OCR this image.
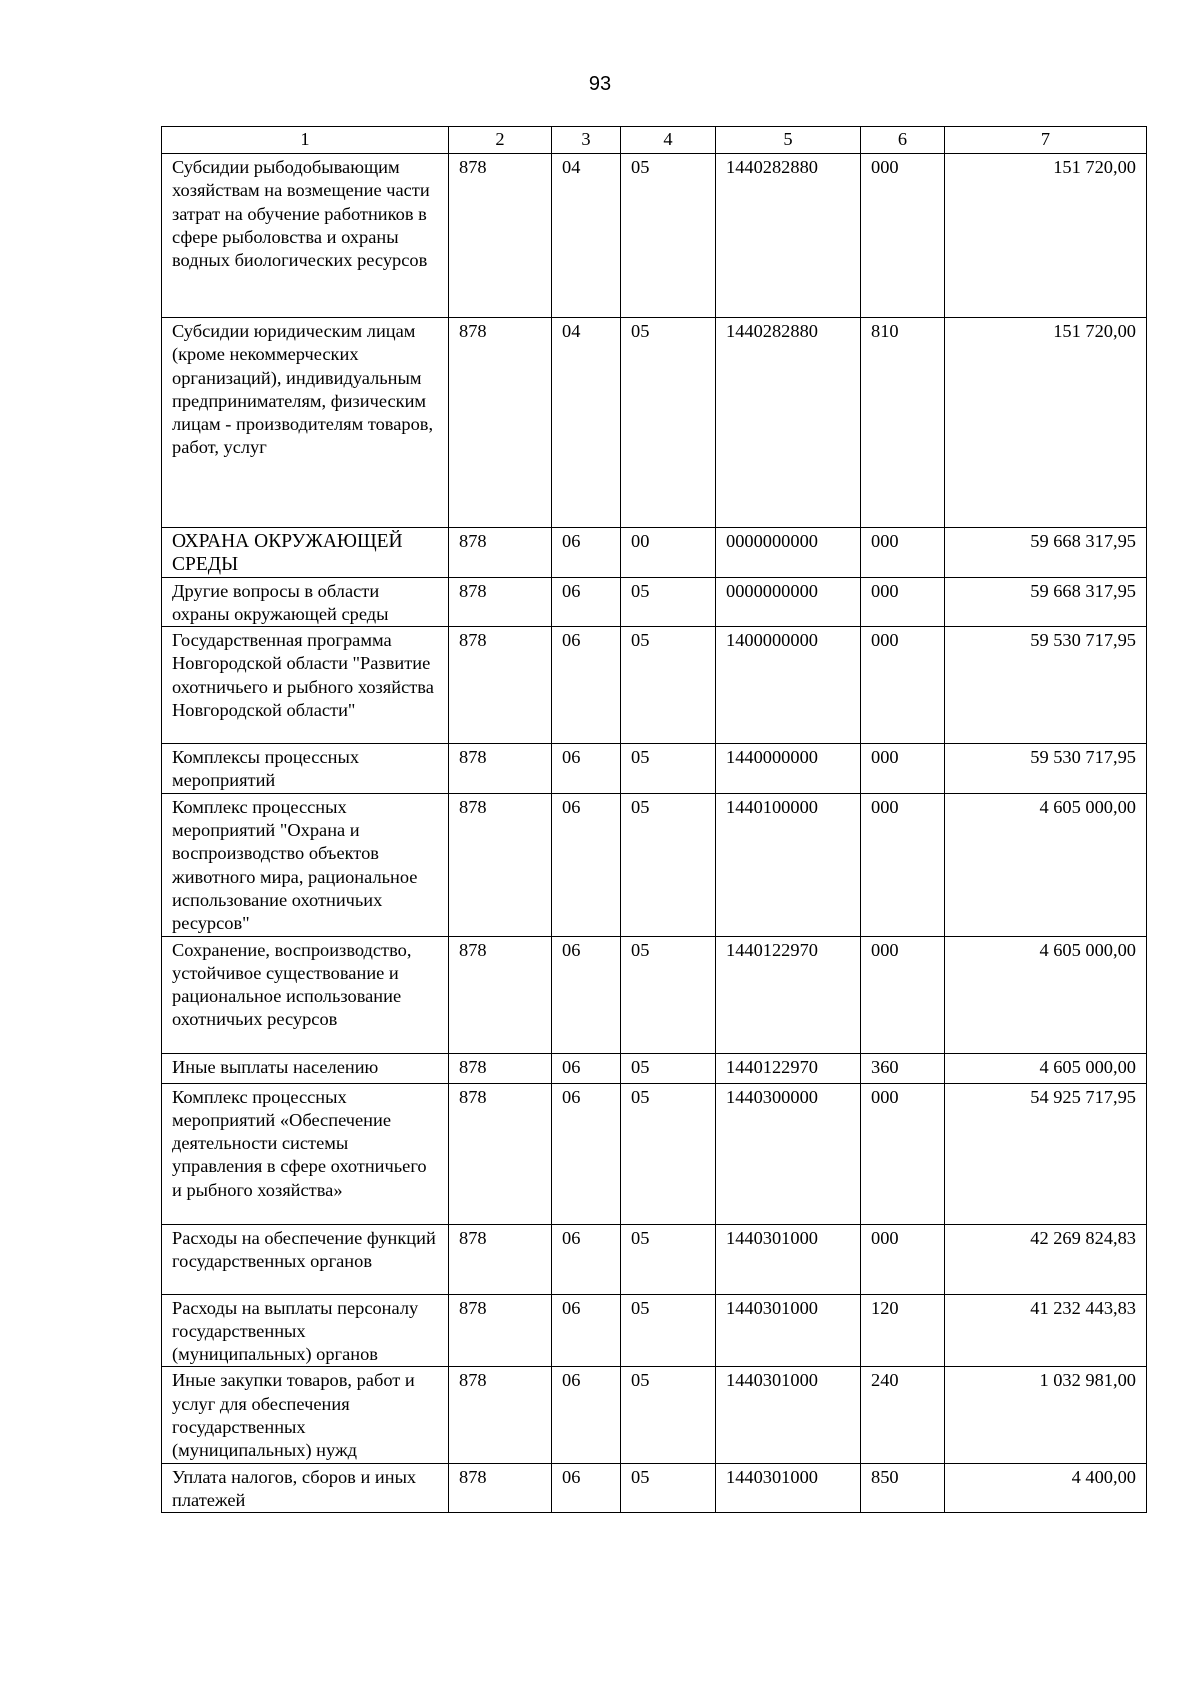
93
1	2	3	4	5	6	7
Субсидии рыбодобывающим хозяйствам на возмещение части затрат на обучение работников в сфере рыболовства и охраны водных биологических ресурсов	878	04	05	1440282880	000	151 720,00
Субсидии юридическим лицам (кроме некоммерческих организаций), индивидуальным предпринимателям, физическим лицам - производителям товаров, работ, услуг	878	04	05	1440282880	810	151 720,00
ОХРАНА ОКРУЖАЮЩЕЙ СРЕДЫ	878	06	00	0000000000	000	59 668 317,95
Другие вопросы в области охраны окружающей среды	878	06	05	0000000000	000	59 668 317,95
Государственная программа Новгородской области "Развитие охотничьего и рыбного хозяйства Новгородской области"	878	06	05	1400000000	000	59 530 717,95
Комплексы процессных мероприятий	878	06	05	1440000000	000	59 530 717,95
Комплекс процессных мероприятий "Охрана и воспроизводство объектов животного мира, рациональное использование охотничьих ресурсов"	878	06	05	1440100000	000	4 605 000,00
Сохранение, воспроизводство, устойчивое существование и рациональное использование охотничьих ресурсов	878	06	05	1440122970	000	4 605 000,00
Иные выплаты населению	878	06	05	1440122970	360	4 605 000,00
Комплекс процессных мероприятий «Обеспечение деятельности системы управления в сфере охотничьего и рыбного хозяйства»	878	06	05	1440300000	000	54 925 717,95
Расходы на обеспечение функций государственных органов	878	06	05	1440301000	000	42 269 824,83
Расходы на выплаты персоналу государственных (муниципальных) органов	878	06	05	1440301000	120	41 232 443,83
Иные закупки товаров, работ и услуг для обеспечения государственных (муниципальных) нужд	878	06	05	1440301000	240	1 032 981,00
Уплата налогов, сборов и иных платежей	878	06	05	1440301000	850	4 400,00
